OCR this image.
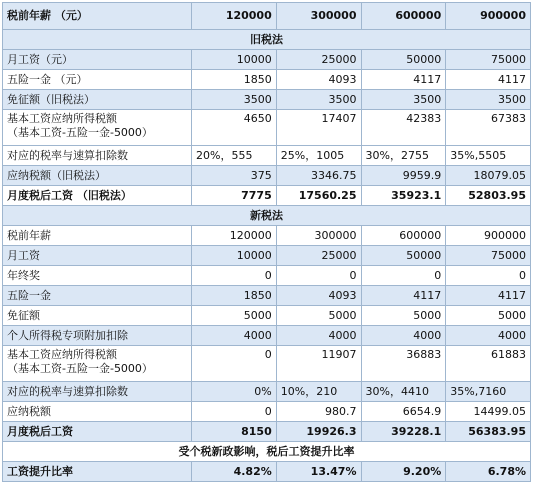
税前年薪 （元）	120000	300000	600000	900000
旧税法				
月工资（元）	10000	25000	50000	75000
五险一金 （元）	1850	4093	4117	4117
免征额（旧税法）	3500	3500	3500	3500

基本工资应纳所得税额
（基本工资-五险一金-5000）	4650	17407	42383	67383
对应的税率与速算扣除数	20%，555	25%，1005	30%，2755	35%,5505
应纳税额（旧税法）	375	3346.75	9959.9	18079.05
月度税后工资 （旧税法）	7775	17560.25	35923.1	52803.95
新税法				
税前年薪	120000	300000	600000	900000
月工资	10000	25000	50000	75000
年终奖	0	0	0	0
五险一金	1850	4093	4117	4117
免征额	5000	5000	5000	5000
个人所得税专项附加扣除	4000	4000	4000	4000

基本工资应纳所得税额
（基本工资-五险一金-5000）	0	11907	36883	61883
对应的税率与速算扣除数	0%	10%，210	30%，4410	35%,7160
应纳税额	0	980.7	6654.9	14499.05
月度税后工资	8150	19926.3	39228.1	56383.95
受个税新政影响，税后工资提升比率				
工资提升比率	4.82%	13.47%	9.20%	6.78%
